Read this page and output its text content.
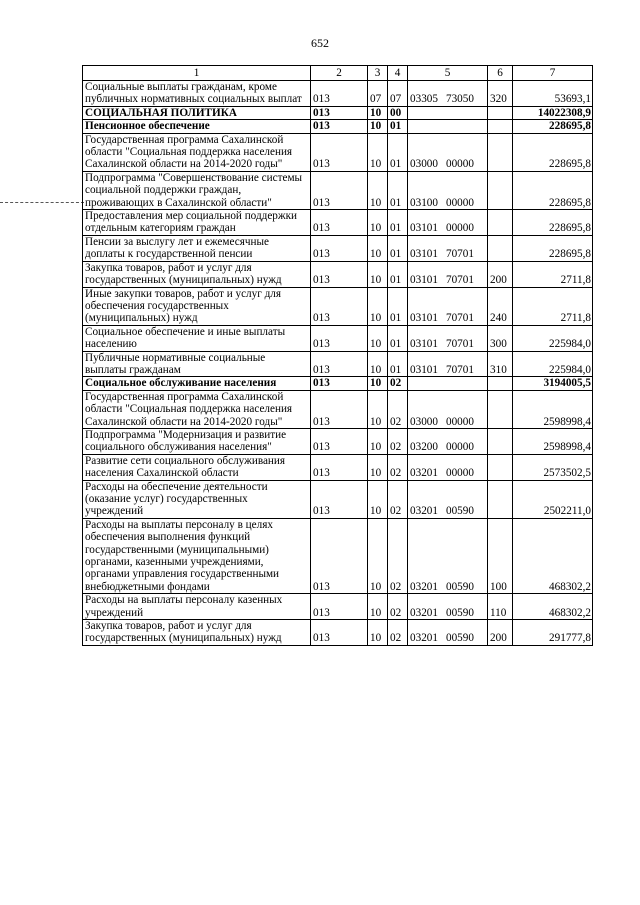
652
1	2	3	4	5	6	7
Социальные выплаты гражданам, кроме публичных нормативных социальных выплат	013	07	07	03305 73050	320	53693,1
СОЦИАЛЬНАЯ ПОЛИТИКА	013	10	00			14022308,9
Пенсионное обеспечение	013	10	01			228695,8
Государственная программа Сахалинской области "Социальная поддержка населения Сахалинской области на 2014-2020 годы"	013	10	01	03000 00000		228695,8
Подпрограмма "Совершенствование системы социальной поддержки граждан, проживающих в Сахалинской области"	013	10	01	03100 00000		228695,8
Предоставления мер социальной поддержки отдельным категориям граждан	013	10	01	03101 00000		228695,8
Пенсии за выслугу лет и ежемесячные доплаты к государственной пенсии	013	10	01	03101 70701		228695,8
Закупка товаров, работ и услуг для государственных (муниципальных) нужд	013	10	01	03101 70701	200	2711,8
Иные закупки товаров, работ и услуг для обеспечения государственных (муниципальных) нужд	013	10	01	03101 70701	240	2711,8
Социальное обеспечение и иные выплаты населению	013	10	01	03101 70701	300	225984,0
Публичные нормативные социальные выплаты гражданам	013	10	01	03101 70701	310	225984,0
Социальное обслуживание населения	013	10	02			3194005,5
Государственная программа Сахалинской области "Социальная поддержка населения Сахалинской области на 2014-2020 годы"	013	10	02	03000 00000		2598998,4
Подпрограмма "Модернизация и развитие социального обслуживания населения"	013	10	02	03200 00000		2598998,4
Развитие сети социального обслуживания населения Сахалинской области	013	10	02	03201 00000		2573502,5
Расходы на обеспечение деятельности (оказание услуг) государственных учреждений	013	10	02	03201 00590		2502211,0
Расходы на выплаты персоналу в целях обеспечения выполнения функций государственными (муниципальными) органами, казенными учреждениями, органами управления государственными внебюджетными фондами	013	10	02	03201 00590	100	468302,2
Расходы на выплаты персоналу казенных учреждений	013	10	02	03201 00590	110	468302,2
Закупка товаров, работ и услуг для государственных (муниципальных) нужд	013	10	02	03201 00590	200	291777,8
